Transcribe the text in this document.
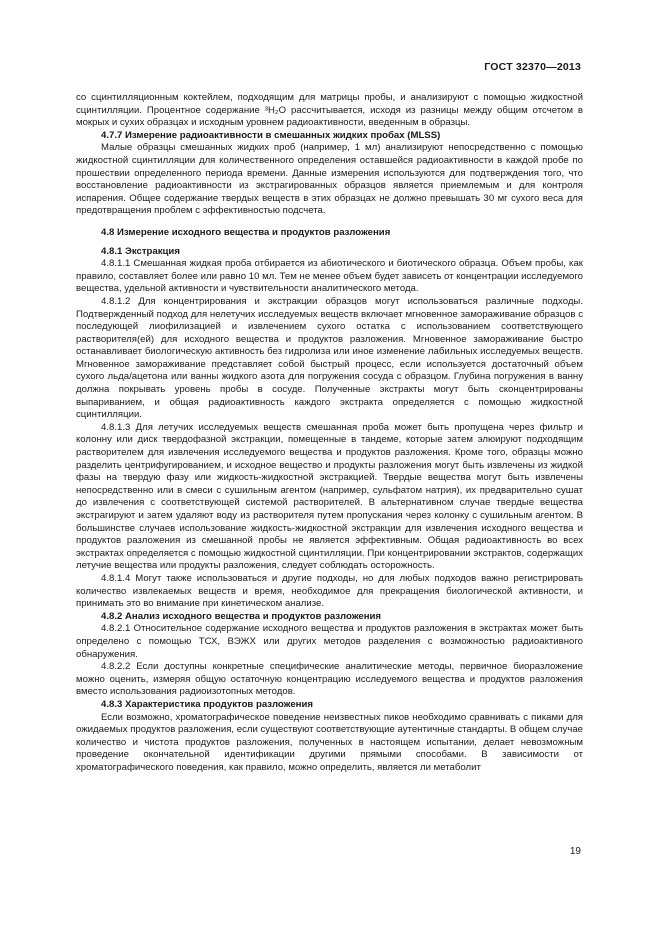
ГОСТ 32370—2013

со сцинтилляционным коктейлем, подходящим для матрицы пробы, и анализируют с помощью жидкостной сцинтилляции. Процентное содержание ³H₂O рассчитывается, исходя из разницы между общим отсчетом в мокрых и сухих образцах и исходным уровнем радиоактивности, введенным в образцы.

4.7.7 Измерение радиоактивности в смешанных жидких пробах (MLSS)

Малые образцы смешанных жидких проб (например, 1 мл) анализируют непосредственно с помощью жидкостной сцинтилляции для количественного определения оставшейся радиоактивности в каждой пробе по прошествии определенного периода времени. Данные измерения используются для подтверждения того, что восстановление радиоактивности из экстрагированных образцов является приемлемым и для контроля испарения. Общее содержание твердых веществ в этих образцах не должно превышать 30 мг сухого веса для предотвращения проблем с эффективностью подсчета.

4.8 Измерение исходного вещества и продуктов разложения

4.8.1 Экстракция

4.8.1.1 Смешанная жидкая проба отбирается из абиотического и биотического образца. Объем пробы, как правило, составляет более или равно 10 мл. Тем не менее объем будет зависеть от концентрации исследуемого вещества, удельной активности и чувствительности аналитического метода.

4.8.1.2 Для концентрирования и экстракции образцов могут использоваться различные подходы. Подтвержденный подход для нелетучих исследуемых веществ включает мгновенное замораживание образцов с последующей лиофилизацией и извлечением сухого остатка с использованием соответствующего растворителя(ей) для исходного вещества и продуктов разложения. Мгновенное замораживание быстро останавливает биологическую активность без гидролиза или иное изменение лабильных исследуемых веществ. Мгновенное замораживание представляет собой быстрый процесс, если используется достаточный объем сухого льда/ацетона или ванны жидкого азота для погружения сосуда с образцом. Глубина погружения в ванну должна покрывать уровень пробы в сосуде. Полученные экстракты могут быть сконцентрированы выпариванием, и общая радиоактивность каждого экстракта определяется с помощью жидкостной сцинтилляции.

4.8.1.3 Для летучих исследуемых веществ смешанная проба может быть пропущена через фильтр и колонну или диск твердофазной экстракции, помещенные в тандеме, которые затем элюируют подходящим растворителем для извлечения исследуемого вещества и продуктов разложения. Кроме того, образцы можно разделить центрифугированием, и исходное вещество и продукты разложения могут быть извлечены из жидкой фазы на твердую фазу или жидкость-жидкостной экстракцией. Твердые вещества могут быть извлечены непосредственно или в смеси с сушильным агентом (например, сульфатом натрия), их предварительно сушат до извлечения с соответствующей системой растворителей. В альтернативном случае твердые вещества экстрагируют и затем удаляют воду из растворителя путем пропускания через колонку с сушильным агентом. В большинстве случаев использование жидкость-жидкостной экстракции для извлечения исходного вещества и продуктов разложения из смешанной пробы не является эффективным. Общая радиоактивность во всех экстрактах определяется с помощью жидкостной сцинтилляции. При концентрировании экстрактов, содержащих летучие вещества или продукты разложения, следует соблюдать осторожность.

4.8.1.4 Могут также использоваться и другие подходы, но для любых подходов важно регистрировать количество извлекаемых веществ и время, необходимое для прекращения биологической активности, и принимать это во внимание при кинетическом анализе.

4.8.2 Анализ исходного вещества и продуктов разложения

4.8.2.1 Относительное содержание исходного вещества и продуктов разложения в экстрактах может быть определено с помощью ТСХ, ВЭЖХ или других методов разделения с возможностью радиоактивного обнаружения.

4.8.2.2 Если доступны конкретные специфические аналитические методы, первичное биоразложение можно оценить, измеряя общую остаточную концентрацию исследуемого вещества и продуктов разложения вместо использования радиоизотопных методов.

4.8.3 Характеристика продуктов разложения

Если возможно, хроматографическое поведение неизвестных пиков необходимо сравнивать с пиками для ожидаемых продуктов разложения, если существуют соответствующие аутентичные стандарты. В общем случае количество и чистота продуктов разложения, полученных в настоящем испытании, делает невозможным проведение окончательной идентификации другими прямыми способами. В зависимости от хроматографического поведения, как правило, можно определить, является ли метаболит

19
